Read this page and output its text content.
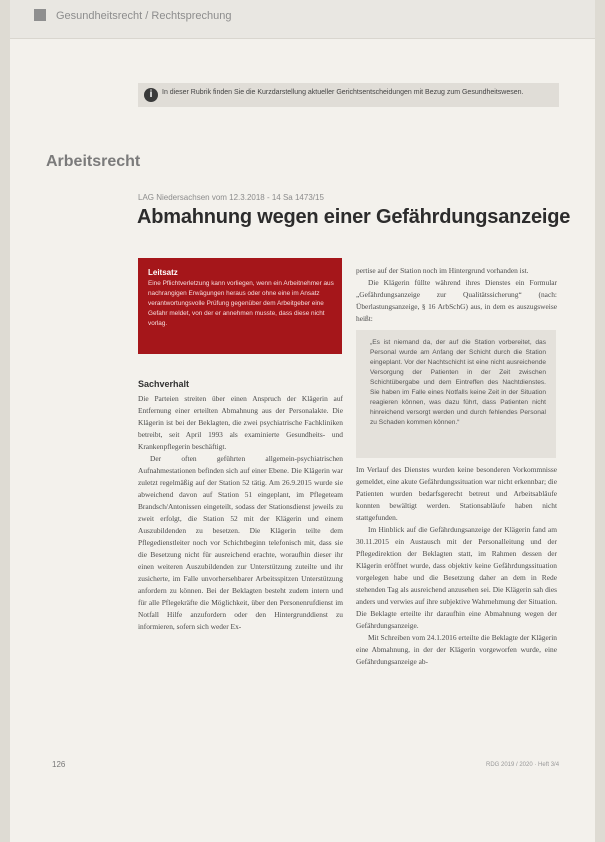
Gesundheitsrecht / Rechtsprechung
i	In dieser Rubrik finden Sie die Kurzdarstellung aktueller Gerichtsentscheidungen mit Bezug zum Gesundheitswesen.
Arbeitsrecht
LAG Niedersachsen vom 12.3.2018 - 14 Sa 1473/15
Abmahnung wegen einer Gefährdungsanzeige
Leitsatz
Eine Pflichtverletzung kann vorliegen, wenn ein Arbeitnehmer aus nachrangigen Erwägungen heraus oder ohne eine im Ansatz verantwortungsvolle Prüfung gegenüber dem Arbeitgeber eine Gefahr meldet, von der er annehmen musste, dass diese nicht vorlag.
Sachverhalt

Die Parteien streiten über einen Anspruch der Klägerin auf Entfernung einer erteilten Abmahnung aus der Personalakte. Die Klägerin ist bei der Beklagten, die zwei psychiatrische Fachkliniken betreibt, seit April 1993 als examinierte Gesundheits- und Krankenpflegerin beschäftigt.

Der often geführten allgemein-psychiatrischen Aufnahmestationen befinden sich auf einer Ebene. Die Klägerin war zuletzt regelmäßig auf der Station 52 tätig. Am 26.9.2015 wurde sie abweichend davon auf Station 51 eingeplant, im Pflegeteam Brandsch/Antonissen eingeteilt, sodass der Stationsdienst jeweils zu zweit erfolgt, die Station 52 mit der Klägerin und einem Auszubildenden zu besetzen. Die Klägerin teilte dem Pflegedienstleiter noch vor Schichtbeginn telefonisch mit, dass sie die Besetzung nicht für ausreichend erachte, woraufhin dieser ihr einen weiteren Auszubildenden zur Unterstützung zuteilte und ihr zusicherte, im Falle unvorhersehbarer Arbeitsspitzen Unterstützung anfordern zu können. Bei der Beklagten besteht zudem intern und für alle Pflegekräfte die Möglichkeit, über den Personenrufdienst im Notfall Hilfe anzufordern oder den Hintergrunddienst zu informieren, sofern sich weder Ex-

pertise auf der Station noch im Hintergrund vorhanden ist.

Die Klägerin füllte während ihres Dienstes ein Formular „Gefährdungsanzeige zur Qualitätssicherung“ (nach: Überlastungsanzeige, § 16 ArbSchG) aus, in dem es auszugsweise heißt:

„Es ist niemand da, der auf die Station vorbereitet, das Personal wurde am Anfang der Schicht durch die Station eingeplant. Vor der Nachtschicht ist eine nicht ausreichende Versorgung der Patienten in der Zeit zwischen Schichtübergabe und dem Eintreffen des Nachtdienstes. Sie haben im Falle eines Notfalls keine Zeit in der Situation reagieren können, was dazu führt, dass Patienten nicht hinreichend versorgt werden und durch fehlendes Personal zu Schaden kommen können.“

Im Verlauf des Dienstes wurden keine besonderen Vorkommnisse gemeldet, eine akute Gefährdungssituation war nicht erkennbar; die Patienten wurden bedarfsgerecht betreut und Arbeitsabläufe konnten bewältigt werden. Stationsabläufe haben nicht stattgefunden.

Im Hinblick auf die Gefährdungsanzeige der Klägerin fand am 30.11.2015 ein Austausch mit der Personalleitung und der Pflegedirektion der Beklagten statt, im Rahmen dessen der Klägerin eröffnet wurde, dass objektiv keine Gefährdungssituation vorgelegen habe und die Besetzung daher an dem in Rede stehenden Tag als ausreichend anzusehen sei. Die Klägerin sah dies anders und verwies auf ihre subjektive Wahrnehmung der Situation. Die Beklagte erteilte ihr daraufhin eine Abmahnung wegen der Gefährdungsanzeige.

Mit Schreiben vom 24.1.2016 erteilte die Beklagte der Klägerin eine Abmahnung, in der der Klägerin vorgeworfen wurde, eine Gefährdungsanzeige ab-

126	RDG 2019 / 2020 · Heft 3/4
